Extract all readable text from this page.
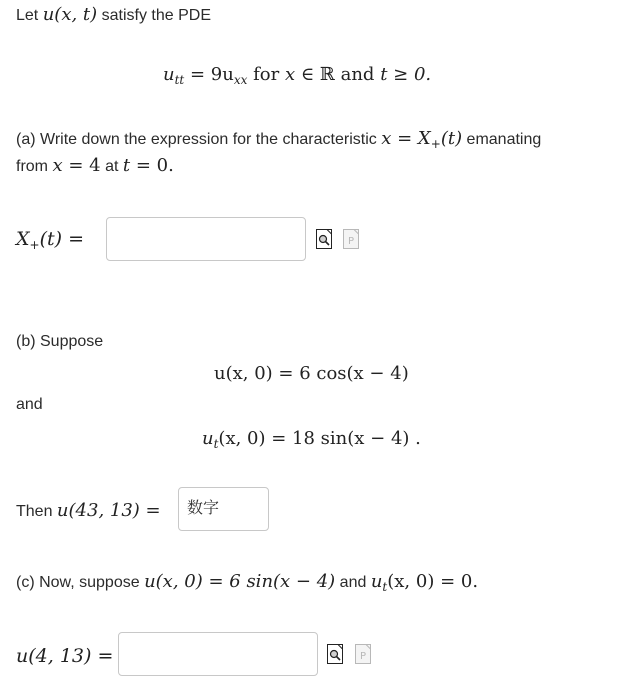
Let u(x, t) satisfy the PDE
$u_{tt} = 9u_{xx}$ for x ∈ ℝ and t ≥ 0.
(a) Write down the expression for the characteristic $x = X_+(t)$ emanating
from x = 4 at t = 0.
$X_+(t)$ =	P
(b) Suppose
u(x, 0) = 6 cos(x − 4)
and
$u_t(x$, 0) = 18 sin(x − 4) .
Then u(43, 13) =
数字
(c) Now, suppose u(x, 0) = 6 sin(x − 4) and $u_t(x$, 0) = 0.
u(4, 13) =	P
